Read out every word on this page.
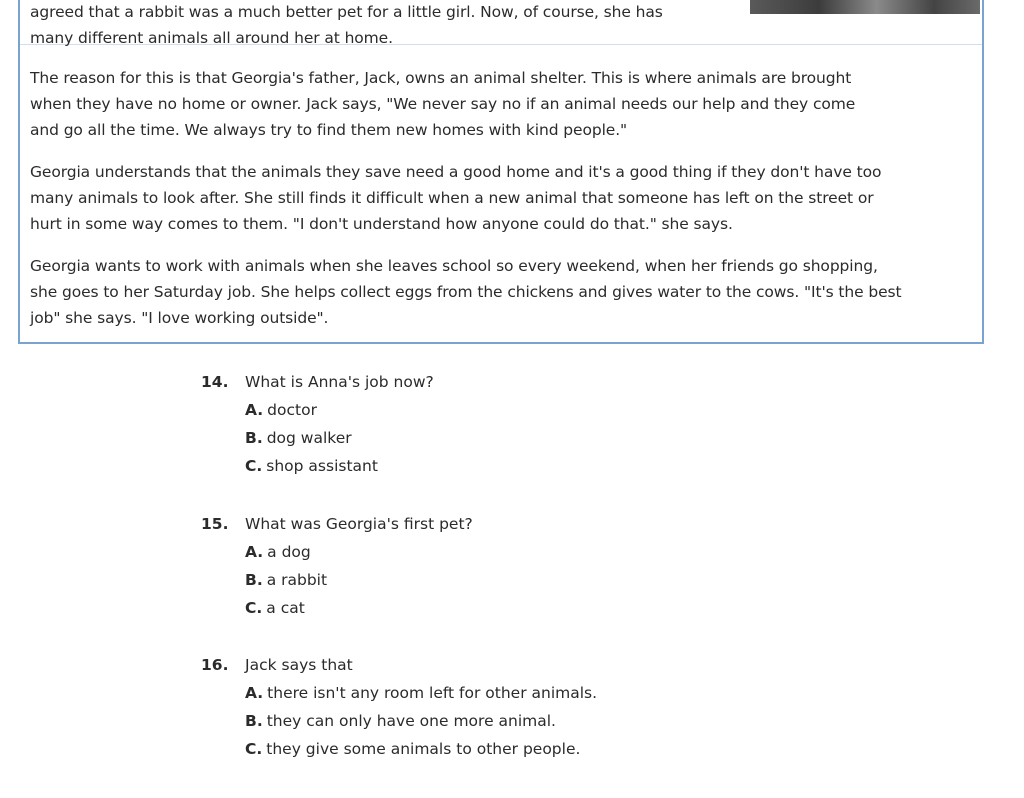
agreed that a rabbit was a much better pet for a little girl. Now, of course, she has
many different animals all around her at home.
The reason for this is that Georgia's father, Jack, owns an animal shelter. This is where animals are brought
when they have no home or owner. Jack says, "We never say no if an animal needs our help and they come
and go all the time. We always try to find them new homes with kind people."
Georgia understands that the animals they save need a good home and it's a good thing if they don't have too
many animals to look after. She still finds it difficult when a new animal that someone has left on the street or
hurt in some way comes to them. "I don't understand how anyone could do that." she says.
Georgia wants to work with animals when she leaves school so every weekend, when her friends go shopping,
she goes to her Saturday job. She helps collect eggs from the chickens and gives water to the cows. "It's the best
job" she says. "I love working outside".
14.	What is Anna's job now?
A. doctor
B. dog walker
C. shop assistant
15.	What was Georgia's first pet?
A. a dog
B. a rabbit
C. a cat
16.	Jack says that
A. there isn't any room left for other animals.
B. they can only have one more animal.
C. they give some animals to other people.
